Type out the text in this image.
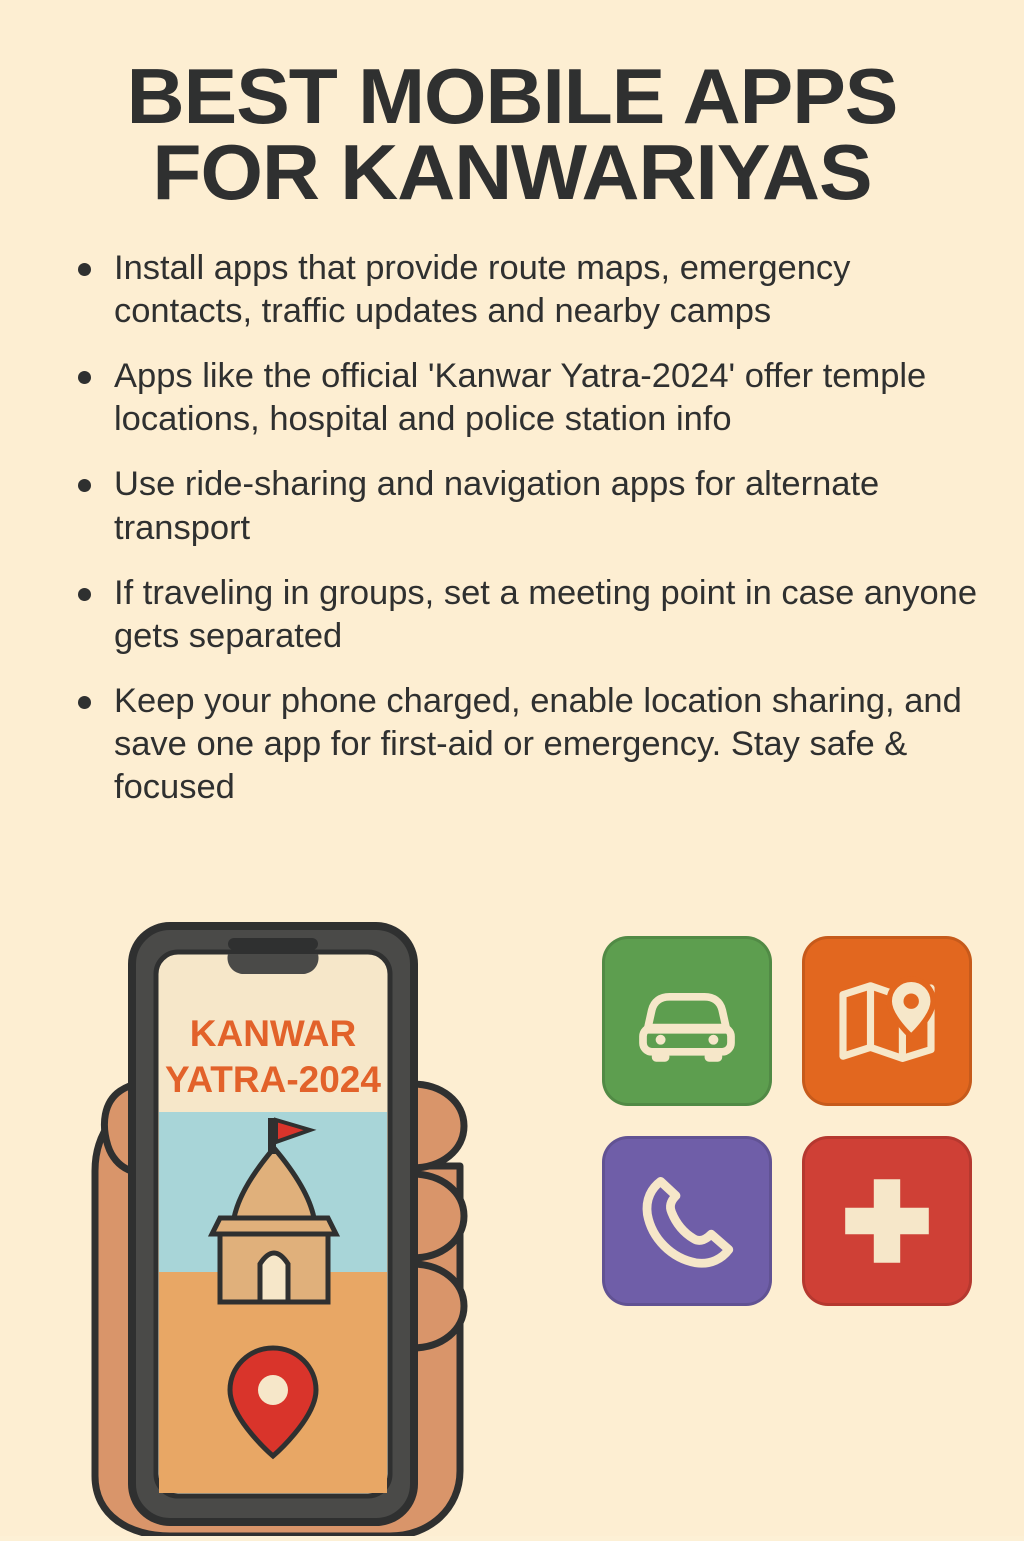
BEST MOBILE APPS
FOR KANWARIYAS
Install apps that provide route maps, emergency contacts, traffic updates and nearby camps
Apps like the official 'Kanwar Yatra-2024' offer temple locations, hospital and police station info
Use ride-sharing and navigation apps for alternate transport
If traveling in groups, set a meeting point in case anyone gets separated
Keep your phone charged, enable location sharing, and save one app for first-aid or emergency. Stay safe & focused
KANWAR
YATRA-2024
